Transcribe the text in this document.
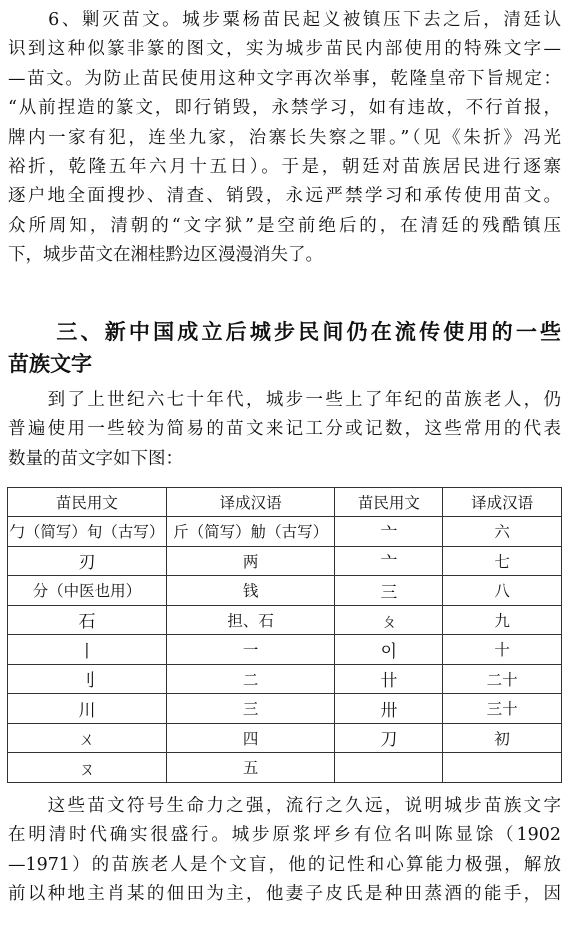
　　6、剿灭苗文。城步粟杨苗民起义被镇压下去之后，清廷认
识到这种似篆非篆的图文，实为城步苗民内部使用的特殊文字—
—苗文。为防止苗民使用这种文字再次举事，乾隆皇帝下旨规定：
“从前捏造的篆文，即行销毁，永禁学习，如有违故，不行首报，
牌内一家有犯，连坐九家，治寨长失察之罪。”（见《朱折》冯光
裕折，乾隆五年六月十五日）。于是，朝廷对苗族居民进行逐寨
逐户地全面搜抄、清查、销毁，永远严禁学习和承传使用苗文。
众所周知，清朝的“文字狱”是空前绝后的，在清廷的残酷镇压
下，城步苗文在湘桂黔边区漫漫消失了。
　　三、新中国成立后城步民间仍在流传使用的一些
苗族文字
　　到了上世纪六七十年代，城步一些上了年纪的苗族老人，仍
普遍使用一些较为简易的苗文来记工分或记数，这些常用的代表
数量的苗文字如下图：
苗民用文	译成汉语	苗民用文	译成汉语
勹（简写）旬（古写）	斤（简写）觔（古写）	亠	六
刃	两	亠	七
分（中医也用）	钱	三	八
石	担、石	ㄆ	九
丨	一	이	十
刂	二	卄	二十
川	三	卅	三十
ㄨ	四	刀	初
ㄡ	五		
　　这些苗文符号生命力之强，流行之久远，说明城步苗族文字
在明清时代确实很盛行。城步原浆坪乡有位名叫陈显馀（1902
—1971）的苗族老人是个文盲，他的记性和心算能力极强，解放
前以种地主肖某的佃田为主，他妻子皮氏是种田蒸酒的能手，因
